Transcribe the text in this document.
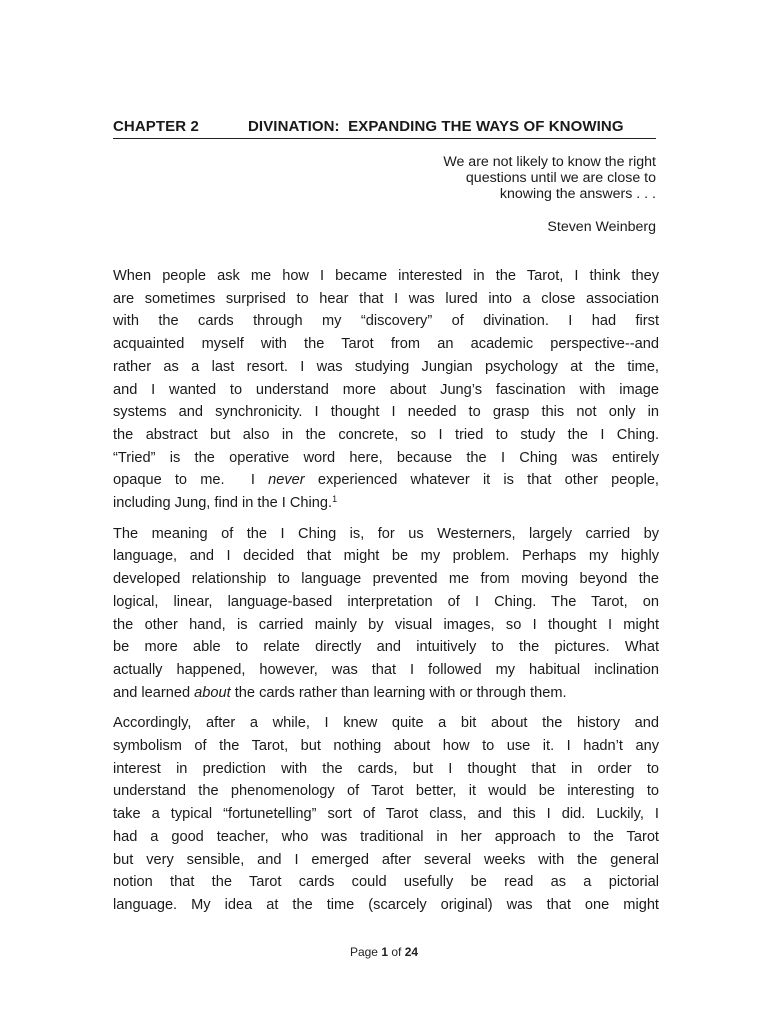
CHAPTER 2	DIVINATION:  EXPANDING THE WAYS OF KNOWING
We are not likely to know the right
questions until we are close to
knowing the answers . . .
Steven Weinberg

When people ask me how I became interested in the Tarot, I think they
are sometimes surprised to hear that I was lured into a close association
with the cards through my “discovery” of divination. I had first
acquainted myself with the Tarot from an academic perspective--and
rather as a last resort. I was studying Jungian psychology at the time,
and I wanted to understand more about Jung’s fascination with image
systems and synchronicity. I thought I needed to grasp this not only in
the abstract but also in the concrete, so I tried to study the I Ching.
“Tried” is the operative word here, because the I Ching was entirely
opaque to me.  I never experienced whatever it is that other people,
including Jung, find in the I Ching.$^1$

The meaning of the I Ching is, for us Westerners, largely carried by
language, and I decided that might be my problem. Perhaps my highly
developed relationship to language prevented me from moving beyond the
logical, linear, language-based interpretation of I Ching. The Tarot, on
the other hand, is carried mainly by visual images, so I thought I might
be more able to relate directly and intuitively to the pictures. What
actually happened, however, was that I followed my habitual inclination
and learned about the cards rather than learning with or through them.

Accordingly, after a while, I knew quite a bit about the history and
symbolism of the Tarot, but nothing about how to use it. I hadn’t any
interest in prediction with the cards, but I thought that in order to
understand the phenomenology of Tarot better, it would be interesting to
take a typical “fortunetelling” sort of Tarot class, and this I did. Luckily, I
had a good teacher, who was traditional in her approach to the Tarot
but very sensible, and I emerged after several weeks with the general
notion that the Tarot cards could usefully be read as a pictorial
language. My idea at the time (scarcely original) was that one might

Page 1 of 24
